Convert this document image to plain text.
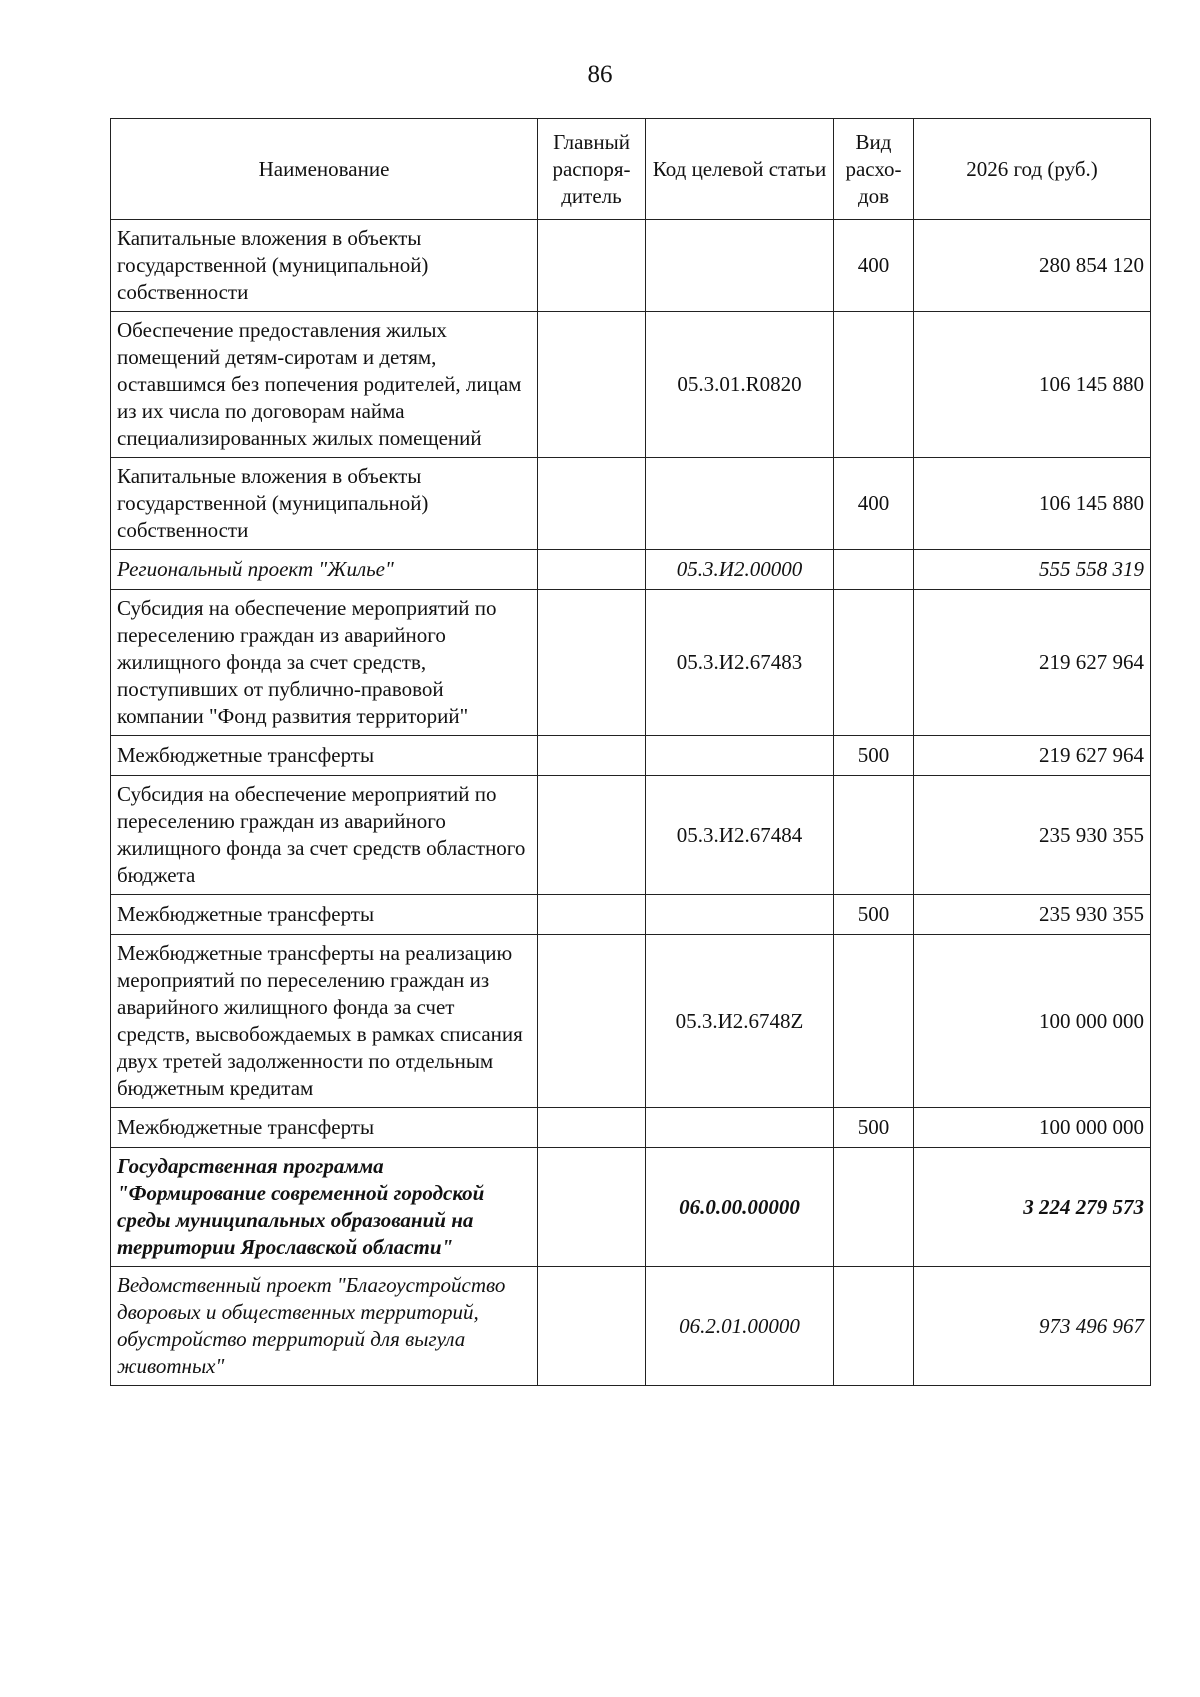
86
Наименование	Главный распоря-дитель	Код целевой статьи	Вид расхо-дов	2026 год (руб.)
Капитальные вложения в объекты государственной (муниципальной) собственности			400	280 854 120
Обеспечение предоставления жилых помещений детям-сиротам и детям, оставшимся без попечения родителей, лицам из их числа по договорам найма специализированных жилых помещений		05.3.01.R0820		106 145 880
Капитальные вложения в объекты государственной (муниципальной) собственности			400	106 145 880
Региональный проект "Жилье"		05.3.И2.00000		555 558 319
Субсидия на обеспечение мероприятий по переселению граждан из аварийного жилищного фонда за счет средств, поступивших от публично-правовой компании "Фонд развития территорий"		05.3.И2.67483		219 627 964
Межбюджетные трансферты			500	219 627 964
Субсидия на обеспечение мероприятий по переселению граждан из аварийного жилищного фонда за счет средств областного бюджета		05.3.И2.67484		235 930 355
Межбюджетные трансферты			500	235 930 355
Межбюджетные трансферты на реализацию мероприятий по переселению граждан из аварийного жилищного фонда за счет средств, высвобождаемых в рамках списания двух третей задолженности по отдельным бюджетным кредитам		05.3.И2.6748Z		100 000 000
Межбюджетные трансферты			500	100 000 000
Государственная программа "Формирование современной городской среды муниципальных образований на территории Ярославской области"		06.0.00.00000		3 224 279 573
Ведомственный проект "Благоустройство дворовых и общественных территорий, обустройство территорий для выгула животных"		06.2.01.00000		973 496 967
